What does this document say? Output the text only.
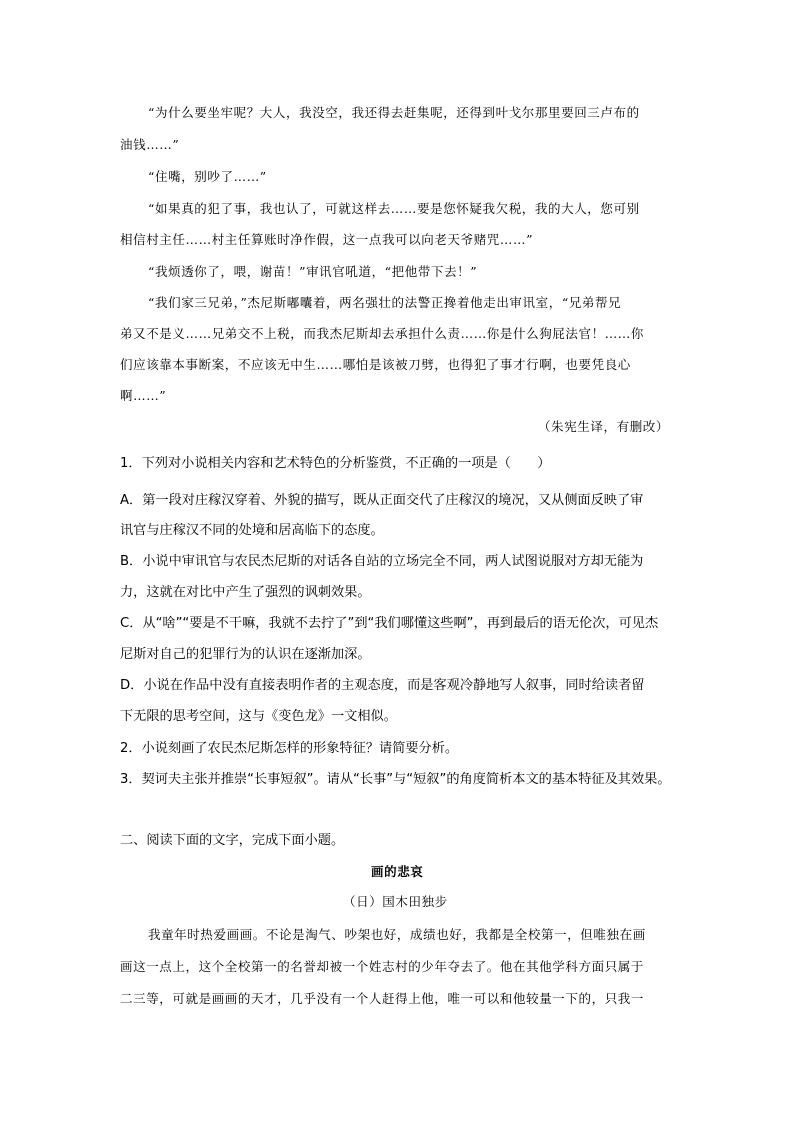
“为什么要坐牢呢？大人，我没空，我还得去赶集呢，还得到叶戈尔那里要回三卢布的

油钱……”

“住嘴，别吵了……”

“如果真的犯了事，我也认了，可就这样去……要是您怀疑我欠税，我的大人，您可别

相信村主任……村主任算账时净作假，这一点我可以向老天爷赌咒……”

“我烦透你了，喂，谢苗！”审讯官吼道，“把他带下去！”

“我们家三兄弟，”杰尼斯嘟囔着，两名强壮的法警正搀着他走出审讯室，“兄弟帮兄

弟又不是义……兄弟交不上税，而我杰尼斯却去承担什么责……你是什么狗屁法官！……你

们应该靠本事断案，不应该无中生……哪怕是该被刀劈，也得犯了事才行啊，也要凭良心

啊……”

（朱宪生译，有删改）

1．下列对小说相关内容和艺术特色的分析鉴赏，不正确的一项是（　　）

A．第一段对庄稼汉穿着、外貌的描写，既从正面交代了庄稼汉的境况，又从侧面反映了审

讯官与庄稼汉不同的处境和居高临下的态度。

B．小说中审讯官与农民杰尼斯的对话各自站的立场完全不同，两人试图说服对方却无能为

力，这就在对比中产生了强烈的讽刺效果。

C．从“啥”“要是不干嘛，我就不去拧了”到“我们哪懂这些啊”，再到最后的语无伦次，可见杰

尼斯对自己的犯罪行为的认识在逐渐加深。

D．小说在作品中没有直接表明作者的主观态度，而是客观冷静地写人叙事，同时给读者留

下无限的思考空间，这与《变色龙》一文相似。

2．小说刻画了农民杰尼斯怎样的形象特征？请简要分析。

3．契诃夫主张并推崇“长事短叙”。请从“长事”与“短叙”的角度简析本文的基本特征及其效果。

二、阅读下面的文字，完成下面小题。

画的悲哀

（日）国木田独步

我童年时热爱画画。不论是淘气、吵架也好，成绩也好，我都是全校第一，但唯独在画

画这一点上，这个全校第一的名誉却被一个姓志村的少年夺去了。他在其他学科方面只属于

二三等，可就是画画的天才，几乎没有一个人赶得上他，唯一可以和他较量一下的，只我一
